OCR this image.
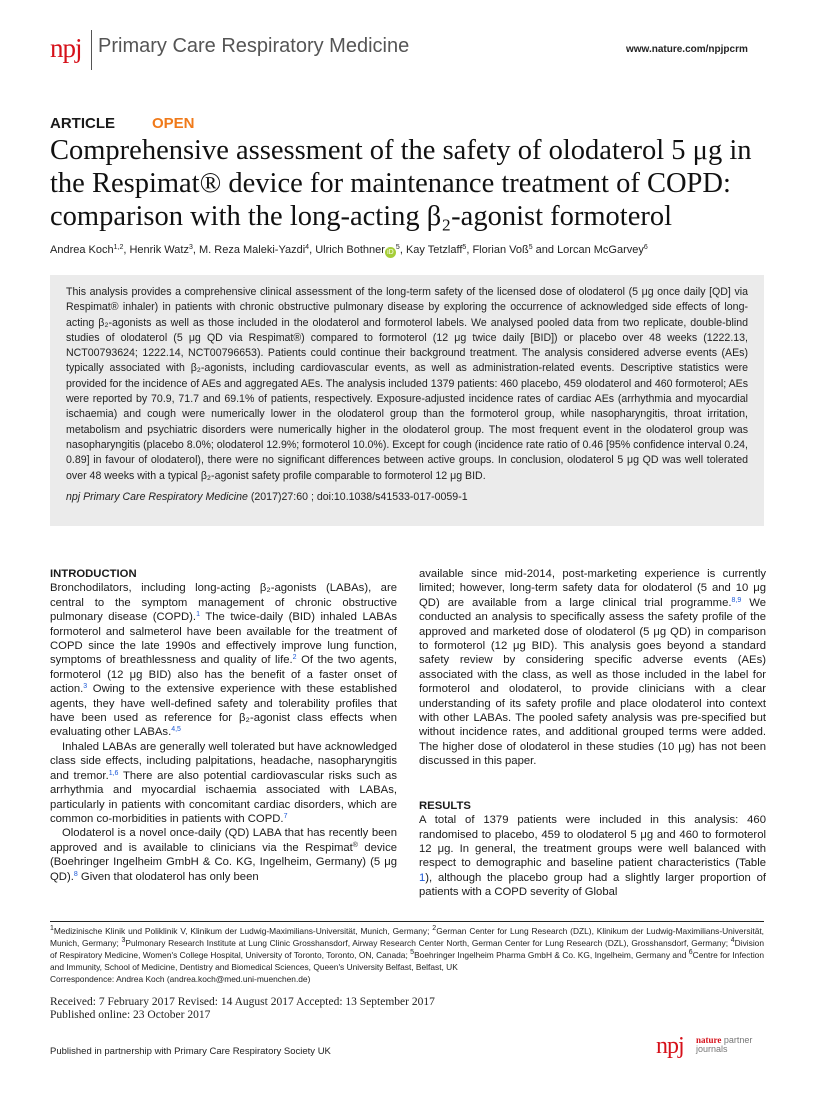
npj Primary Care Respiratory Medicine	www.nature.com/npjpcrm
ARTICLE OPEN
Comprehensive assessment of the safety of olodaterol 5 μg in the Respimat® device for maintenance treatment of COPD: comparison with the long-acting β₂-agonist formoterol
Andrea Koch$^{1,2}$, Henrik Watz$^3$, M. Reza Maleki-Yazdi$^4$, Ulrich Bothner $iD^5$, Kay Tetzlaff$^5$, Florian Voß$^5$ and Lorcan McGarvey$^6$

This analysis provides a comprehensive clinical assessment of the long-term safety of the licensed dose of olodaterol (5 μg once daily [QD] via Respimat® inhaler) in patients with chronic obstructive pulmonary disease by exploring the occurrence of acknowledged side effects of long-acting β₂-agonists as well as those included in the olodaterol and formoterol labels. We analysed pooled data from two replicate, double-blind studies of olodaterol (5 μg QD via Respimat®) compared to formoterol (12 μg twice daily [BID]) or placebo over 48 weeks (1222.13, NCT00793624; 1222.14, NCT00796653). Patients could continue their background treatment. The analysis considered adverse events (AEs) typically associated with β₂-agonists, including cardiovascular events, as well as administration-related events. Descriptive statistics were provided for the incidence of AEs and aggregated AEs. The analysis included 1379 patients: 460 placebo, 459 olodaterol and 460 formoterol; AEs were reported by 70.9, 71.7 and 69.1% of patients, respectively. Exposure-adjusted incidence rates of cardiac AEs (arrhythmia and myocardial ischaemia) and cough were numerically lower in the olodaterol group than the formoterol group, while nasopharyngitis, throat irritation, metabolism and psychiatric disorders were numerically higher in the olodaterol group. The most frequent event in the olodaterol group was nasopharyngitis (placebo 8.0%; olodaterol 12.9%; formoterol 10.0%). Except for cough (incidence rate ratio of 0.46 [95% confidence interval 0.24, 0.89] in favour of olodaterol), there were no significant differences between active groups. In conclusion, olodaterol 5 μg QD was well tolerated over 48 weeks with a typical β₂-agonist safety profile comparable to formoterol 12 μg BID.

npj Primary Care Respiratory Medicine (2017)27:60 ; doi:10.1038/s41533-017-0059-1

INTRODUCTION

Bronchodilators, including long-acting β₂-agonists (LABAs), are central to the symptom management of chronic obstructive pulmonary disease (COPD).$^1$ The twice-daily (BID) inhaled LABAs formoterol and salmeterol have been available for the treatment of COPD since the late 1990s and effectively improve lung function, symptoms of breathlessness and quality of life.$^2$ Of the two agents, formoterol (12 μg BID) also has the benefit of a faster onset of action.$^3$ Owing to the extensive experience with these established agents, they have well-defined safety and tolerability profiles that have been used as reference for β₂-agonist class effects when evaluating other LABAs.$^{4,5}$

Inhaled LABAs are generally well tolerated but have acknowledged class side effects, including palpitations, headache, nasopharyngitis and tremor.$^{1,6}$ There are also potential cardiovascular risks such as arrhythmia and myocardial ischaemia associated with LABAs, particularly in patients with concomitant cardiac disorders, which are common co-morbidities in patients with COPD.$^7$

Olodaterol is a novel once-daily (QD) LABA that has recently been approved and is available to clinicians via the Respimat® device (Boehringer Ingelheim GmbH & Co. KG, Ingelheim, Germany) (5 μg QD).$^8$ Given that olodaterol has only been

available since mid-2014, post-marketing experience is currently limited; however, long-term safety data for olodaterol (5 and 10 μg QD) are available from a large clinical trial programme.$^{8,9}$ We conducted an analysis to specifically assess the safety profile of the approved and marketed dose of olodaterol (5 μg QD) in comparison to formoterol (12 μg BID). This analysis goes beyond a standard safety review by considering specific adverse events (AEs) associated with the class, as well as those included in the label for formoterol and olodaterol, to provide clinicians with a clear understanding of its safety profile and place olodaterol into context with other LABAs. The pooled safety analysis was pre-specified but without incidence rates, and additional grouped terms were added. The higher dose of olodaterol in these studies (10 μg) has not been discussed in this paper.

RESULTS

A total of 1379 patients were included in this analysis: 460 randomised to placebo, 459 to olodaterol 5 μg and 460 to formoterol 12 μg. In general, the treatment groups were well balanced with respect to demographic and baseline patient characteristics (Table 1), although the placebo group had a slightly larger proportion of patients with a COPD severity of Global

$^1$Medizinische Klinik und Poliklinik V, Klinikum der Ludwig-Maximilians-Universität, Munich, Germany; $^2$German Center for Lung Research (DZL), Klinikum der Ludwig-Maximilians-Universität, Munich, Germany; $^3$Pulmonary Research Institute at Lung Clinic Grosshansdorf, Airway Research Center North, German Center for Lung Research (DZL), Grosshansdorf, Germany; $^4$Division of Respiratory Medicine, Women's College Hospital, University of Toronto, Toronto, ON, Canada; $^5$Boehringer Ingelheim Pharma GmbH & Co. KG, Ingelheim, Germany and $^6$Centre for Infection and Immunity, School of Medicine, Dentistry and Biomedical Sciences, Queen's University Belfast, Belfast, UK
Correspondence: Andrea Koch (andrea.koch@med.uni-muenchen.de)
Received: 7 February 2017 Revised: 14 August 2017 Accepted: 13 September 2017
Published online: 23 October 2017
Published in partnership with Primary Care Respiratory Society UK	npj nature partner
journals
